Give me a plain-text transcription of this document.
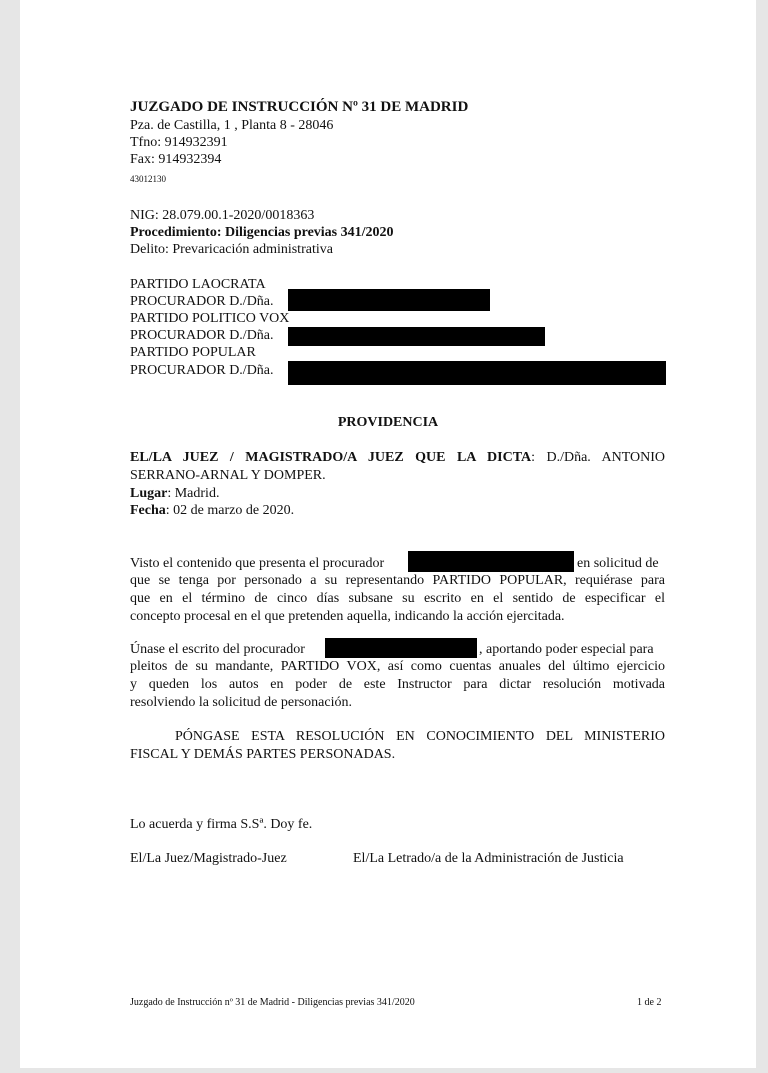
JUZGADO DE INSTRUCCIÓN Nº 31 DE MADRID
Pza. de Castilla, 1 , Planta 8 - 28046
Tfno: 914932391
Fax: 914932394
43012130
NIG: 28.079.00.1-2020/0018363
Procedimiento: Diligencias previas 341/2020
Delito: Prevaricación administrativa
PARTIDO LAOCRATA
PROCURADOR D./Dña.
PARTIDO POLITICO VOX
PROCURADOR D./Dña.
PARTIDO POPULAR
PROCURADOR D./Dña.
PROVIDENCIA
EL/LA JUEZ / MAGISTRADO/A JUEZ QUE LA DICTA: D./Dña. ANTONIO
SERRANO-ARNAL Y DOMPER.
Lugar: Madrid.
Fecha: 02 de marzo de 2020.
Visto el contenido que presenta el procurador	en solicitud de
que se tenga por personado a su representando PARTIDO POPULAR, requiérase para
que en el término de cinco días subsane su escrito en el sentido de especificar el
concepto procesal en el que pretenden aquella, indicando la acción ejercitada.
Únase el escrito del procurador	, aportando poder especial para
pleitos de su mandante, PARTIDO VOX, así como cuentas anuales del último ejercicio
y queden los autos en poder de este Instructor para dictar resolución motivada
resolviendo la solicitud de personación.
PÓNGASE ESTA RESOLUCIÓN EN CONOCIMIENTO DEL MINISTERIO
FISCAL Y DEMÁS PARTES PERSONADAS.
Lo acuerda y firma S.Sª. Doy fe.
El/La Juez/Magistrado-Juez	El/La Letrado/a de la Administración de Justicia
Juzgado de Instrucción nº 31 de Madrid - Diligencias previas 341/2020	1 de 2
